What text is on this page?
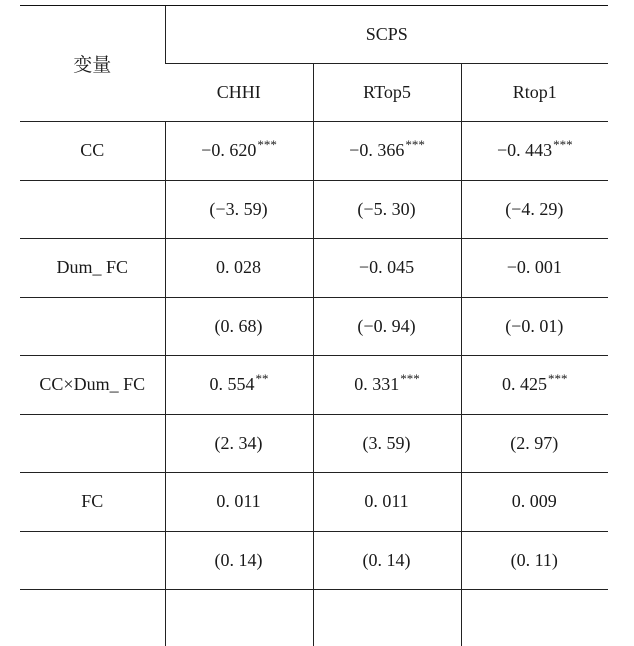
变量	SCPS		
	CHHI	RTop5	Rtop1
CC	−0. 620***	−0. 366***	−0. 443***
	(−3. 59)	(−5. 30)	(−4. 29)
Dum_ FC	0. 028	−0. 045	−0. 001
	(0. 68)	(−0. 94)	(−0. 01)
CC×Dum_ FC	0. 554**	0. 331***	0. 425***
	(2. 34)	(3. 59)	(2. 97)
FC	0. 011	0. 011	0. 009
	(0. 14)	(0. 14)	(0. 11)
